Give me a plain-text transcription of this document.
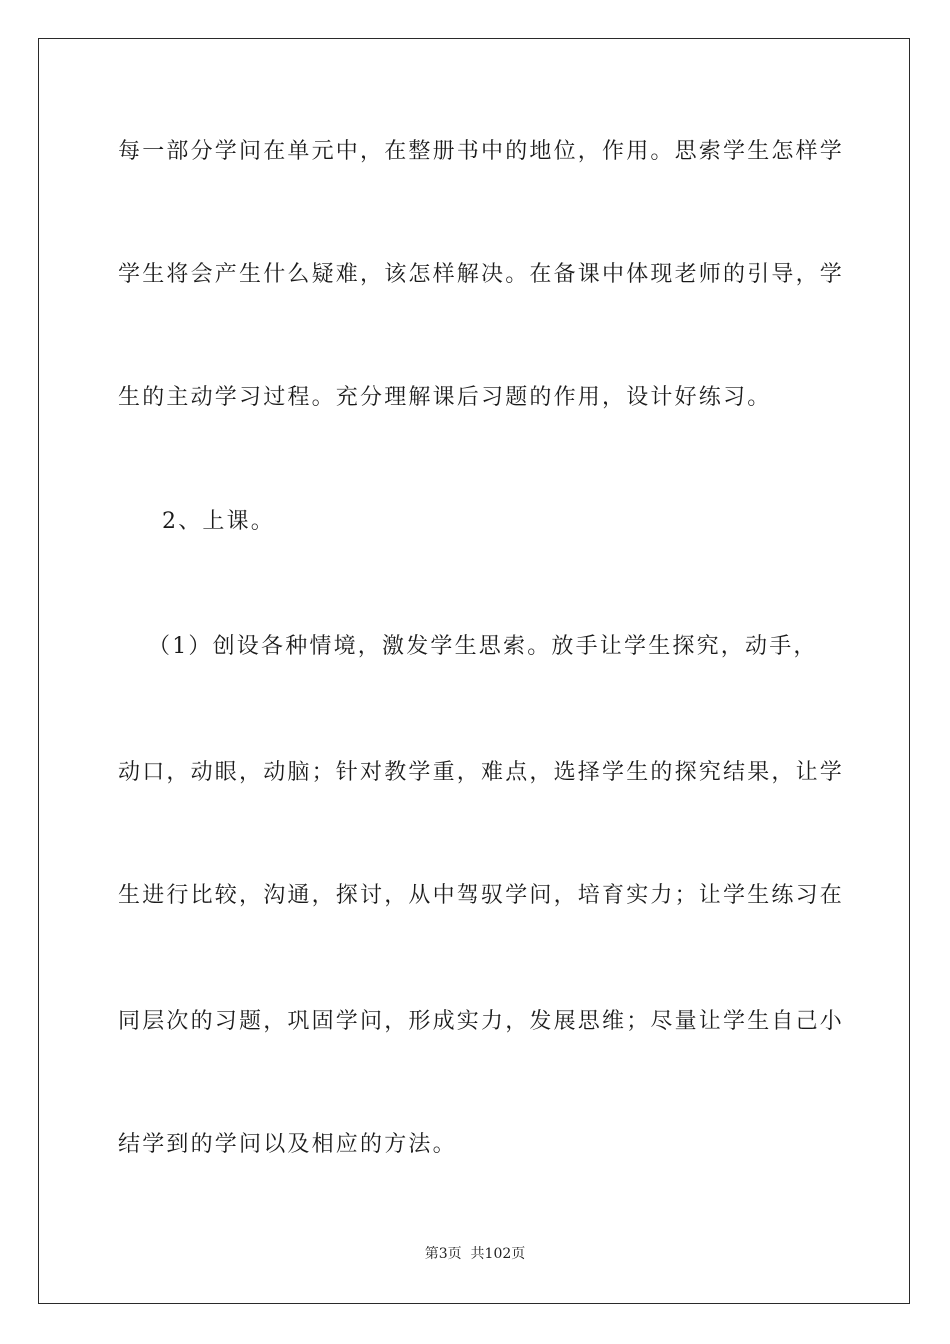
每一部分学问在单元中，在整册书中的地位，作用。思索学生怎样学
学生将会产生什么疑难，该怎样解决。在备课中体现老师的引导，学
生的主动学习过程。充分理解课后习题的作用，设计好练习。
2、上课。
（1）创设各种情境，激发学生思索。放手让学生探究，动手，
动口，动眼，动脑；针对教学重，难点，选择学生的探究结果，让学
生进行比较，沟通，探讨，从中驾驭学问，培育实力；让学生练习在
同层次的习题，巩固学问，形成实力，发展思维；尽量让学生自己小
结学到的学问以及相应的方法。
第3页  共102页
